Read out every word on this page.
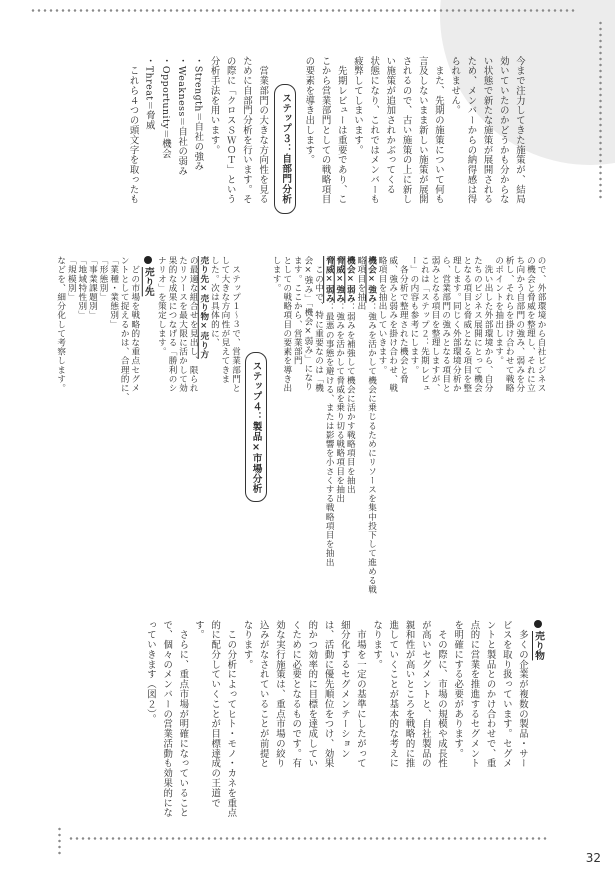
32
今まで注力してきた施策が、結局
効いていたのかどうかも分からな
い状態で新たな施策が展開される
ため、メンバーからの納得感は得
られません。
　また、先期の施策について何も
言及しないまま新しい施策が展開
されるので、古い施策の上に新し
い施策が追加されかぶってくる
状態になり、これではメンバーも
疲弊してしまいます。
　先期レビューは重要であり、こ
こから営業部門としての戦略項目
の要素を導き出します。
ステップ３：自部門分析
　営業部門の大きな方向性を見る
ために自部門分析を行います。そ
の際に「クロスＳＷＯＴ」という
分析手法を用います。
・Strength＝自社の強み
・Weakness＝自社の弱み
・Opportunity＝機会
・Threat＝脅威
　これら４つの頭文字を取ったも
ので、外部環境から自社ビジネス
の機会と脅威を整理し、それに立
ち向かう自部門の強み、弱みを分
析し、それらを掛け合わせて戦略
のポイントを抽出します。
　洗い出した外部環境から、自分
たちのビジネス展開にとって機会
となる項目と脅威となる項目を整
理します。同じく外部環境分析か
ら、営業部門の強みとなる項目と
弱みとなる項目を整理しますが、
これは「ステップ２：先期レビュ
ー」の内容も参考にします。
　各分析で整理された機会と脅
威、強みと弱みを掛け合わせ、戦
略項目を抽出していきます。
機会×強み：強みを活かして機会に乗じるためにリソースを集中投下して進める戦略項目を抽出
機会×弱み：弱みを補強して機会に活かす戦略項目を抽出
脅威×強み：強みを活かして脅威を乗り切る戦略項目を抽出
脅威×弱み：最悪の事態を避ける、または影響を小さくする戦略項目を抽出
　この中で、特に重要なのは「機
会×強み」「機会×弱み」になり
ます。ここから、営業部門
としての戦略項目の要素を導き出
します。
ステップ４：製品×市場分析
　ステップ１〜３で、営業部門と
して大きな方向性が見えてきま
した。次は具体的に、
売り先×売り物×売り方
の最適な組合せを見出し、限られ
たリソースを最大限に活かして効
果的な成果につなげる「勝利のシ
ナリオ」を策定します。
売り先
　どの市場を戦略的な重点セグメ
ントとして捉えるかは、合理的に、
「業種・業態別」
「形態別」
「事業課題別」
「地域特性別」
「規模別」
などを、細分化して考察します。
売り物
　多くの企業が複数の製品・サー
ビスを取り扱っています。セグメ
ントと製品とのかけ合わせで、重
点的に営業を推進するセグメント
を明確にする必要があります。
　その際に、市場の規模や成長性
が高いセグメントと、自社製品の
親和性が高いところを戦略的に推
進していくことが基本的な考えに
なります。
　市場を一定の基準にしたがって
細分化するセグメンテーション
は、活動に優先順位をつけ、効果
的かつ効率的に目標を達成してい
くために必要となるものです。有
効な実行施策は、重点市場の絞り
込みがなされていることが前提と
なります。
　この分析によってヒト・モノ・カネを重点的に配分していくことが目標達成の王道です。
　さらに、重点市場が明確になっていることで、個々のメンバーの営業活動も効果的になっていきます（図２）。
